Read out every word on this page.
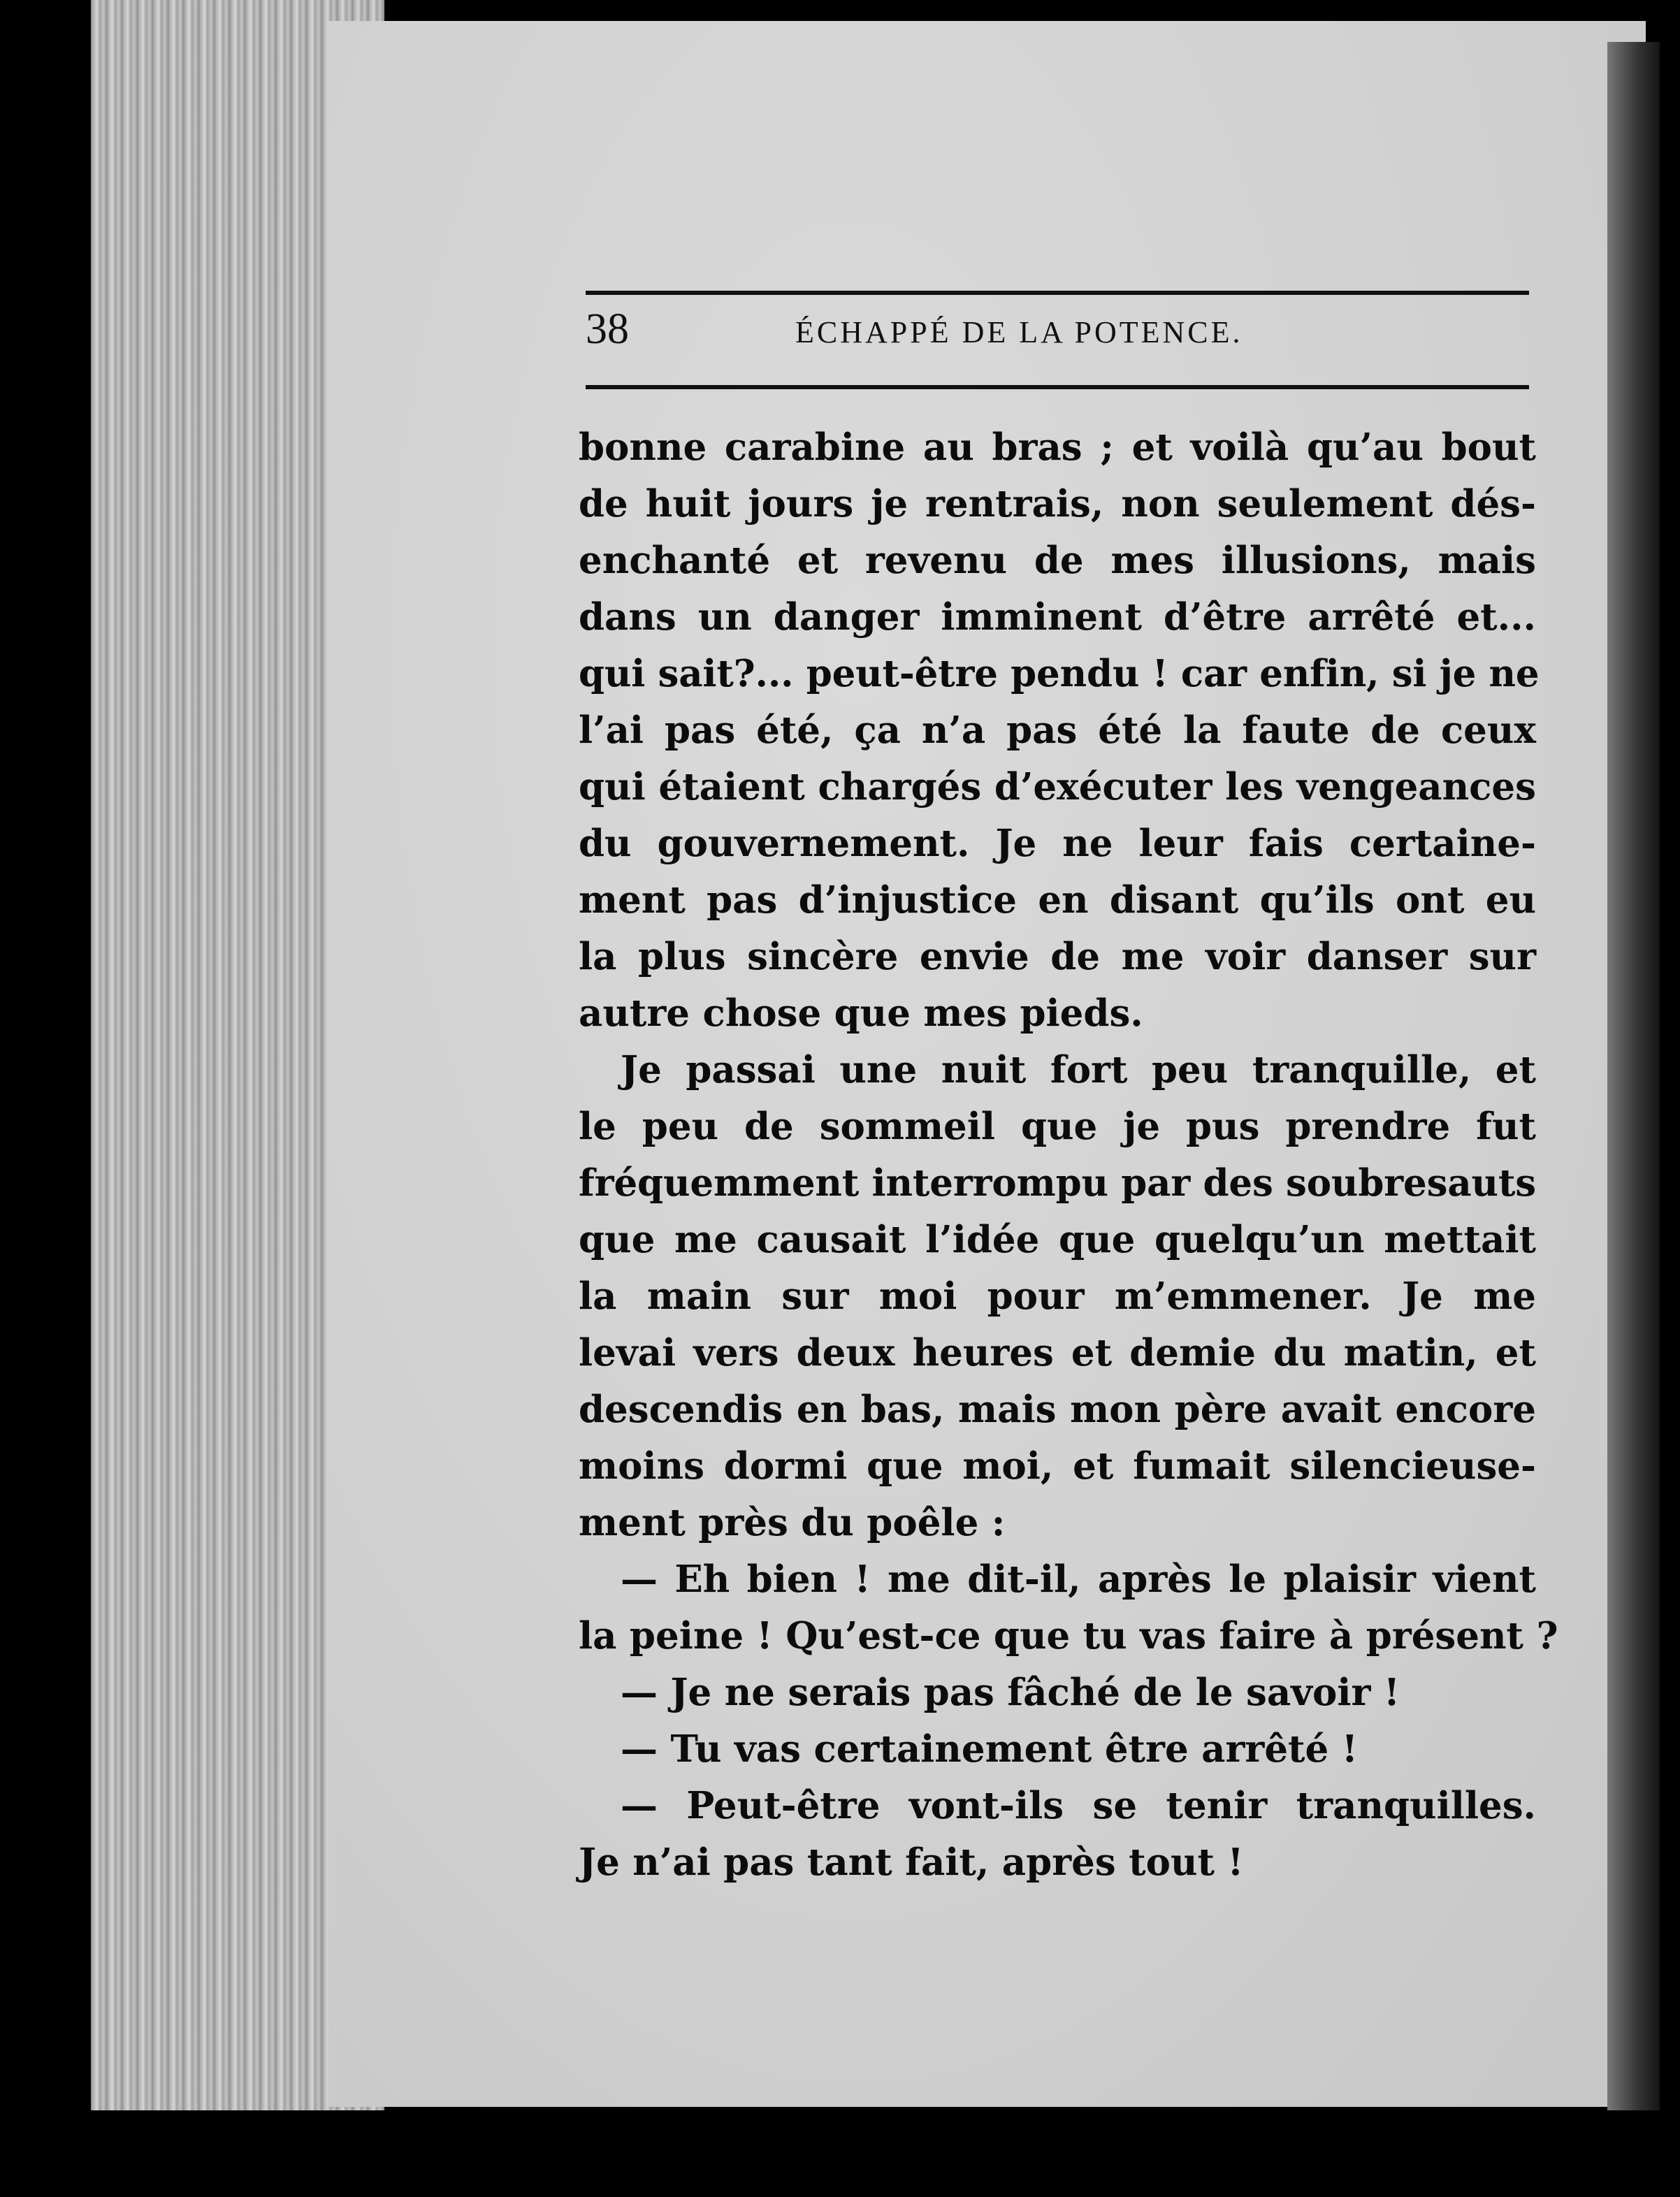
38	ÉCHAPPÉ DE LA POTENCE.
bonne carabine au bras ; et voilà qu’au bout
de huit jours je rentrais, non seulement dés-
enchanté et revenu de mes illusions, mais
dans un danger imminent d’être arrêté et...
qui sait?... peut-être pendu ! car enfin, si je ne
l’ai pas été, ça n’a pas été la faute de ceux
qui étaient chargés d’exécuter les vengeances
du gouvernement. Je ne leur fais certaine-
ment pas d’injustice en disant qu’ils ont eu
la plus sincère envie de me voir danser sur
autre chose que mes pieds.
Je passai une nuit fort peu tranquille, et
le peu de sommeil que je pus prendre fut
fréquemment interrompu par des soubresauts
que me causait l’idée que quelqu’un mettait
la main sur moi pour m’emmener. Je me
levai vers deux heures et demie du matin, et
descendis en bas, mais mon père avait encore
moins dormi que moi, et fumait silencieuse-
ment près du poêle :
— Eh bien ! me dit-il, après le plaisir vient
la peine ! Qu’est-ce que tu vas faire à présent ?
— Je ne serais pas fâché de le savoir !
— Tu vas certainement être arrêté !
— Peut-être vont-ils se tenir tranquilles.
Je n’ai pas tant fait, après tout !
